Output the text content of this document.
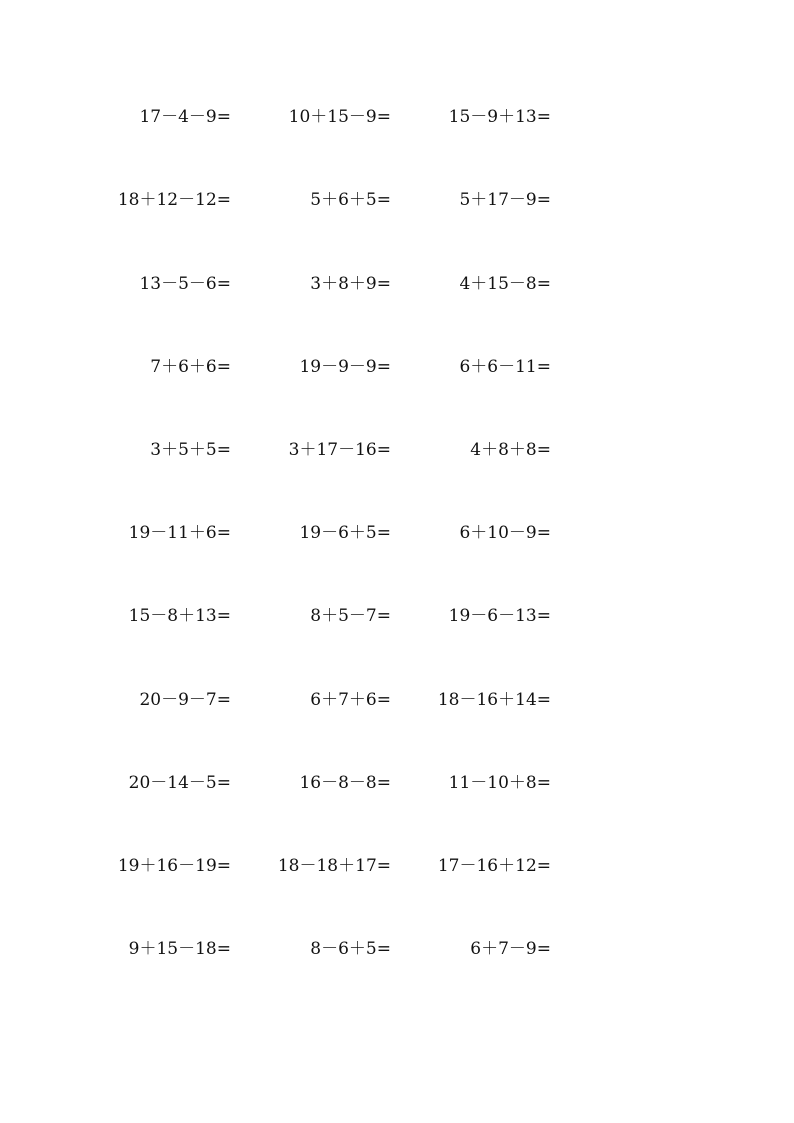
17－4－9=	10＋15－9=	15－9＋13=
18＋12－12=	5＋6＋5=	5＋17－9=
13－5－6=	3＋8＋9=	4＋15－8=
7＋6＋6=	19－9－9=	6＋6－11=
3＋5＋5=	3＋17－16=	4＋8＋8=
19－11＋6=	19－6＋5=	6＋10－9=
15－8＋13=	8＋5－7=	19－6－13=
20－9－7=	6＋7＋6=	18－16＋14=
20－14－5=	16－8－8=	11－10＋8=
19＋16－19=	18－18＋17=	17－16＋12=
9＋15－18=	8－6＋5=	6＋7－9=
